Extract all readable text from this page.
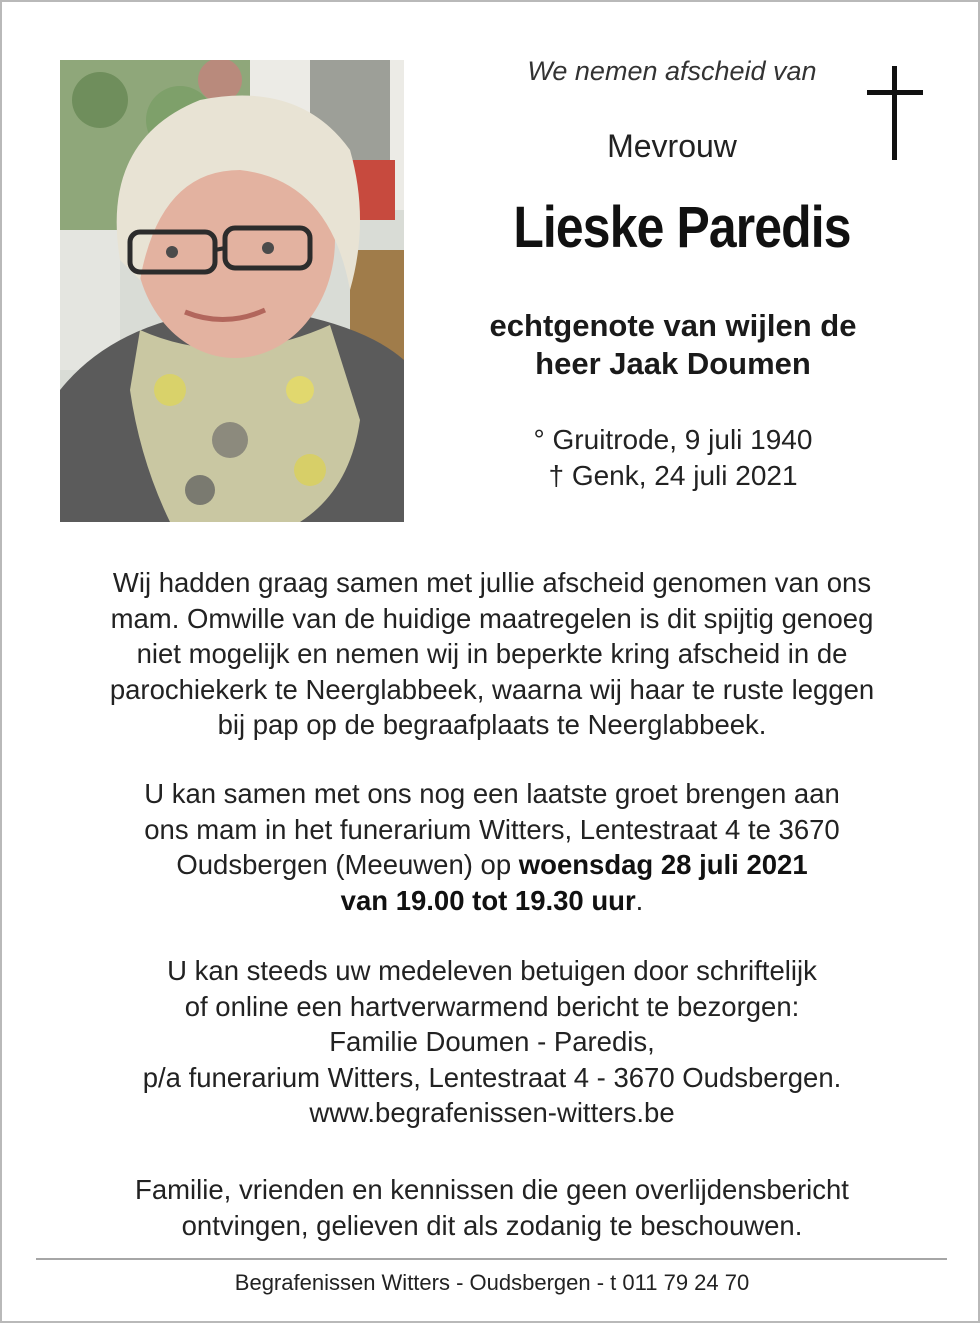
We nemen afscheid van
Mevrouw
Lieske Paredis
echtgenote van wijlen de
heer Jaak Doumen
° Gruitrode, 9 juli 1940
† Genk, 24 juli 2021
Wij hadden graag samen met jullie afscheid genomen van ons
mam. Omwille van de huidige maatregelen is dit spijtig genoeg
niet mogelijk en nemen wij in beperkte kring afscheid in de
parochiekerk te Neerglabbeek, waarna wij haar te ruste leggen
bij pap op de begraafplaats te Neerglabbeek.
U kan samen met ons nog een laatste groet brengen aan
ons mam in het funerarium Witters, Lentestraat 4 te 3670
Oudsbergen (Meeuwen) op woensdag 28 juli 2021
van 19.00 tot 19.30 uur.
U kan steeds uw medeleven betuigen door schriftelijk
of online een hartverwarmend bericht te bezorgen:
Familie Doumen - Paredis,
p/a funerarium Witters, Lentestraat 4 - 3670 Oudsbergen.
www.begrafenissen-witters.be
Familie, vrienden en kennissen die geen overlijdensbericht
ontvingen, gelieven dit als zodanig te beschouwen.
Begrafenissen Witters - Oudsbergen - t 011 79 24 70
